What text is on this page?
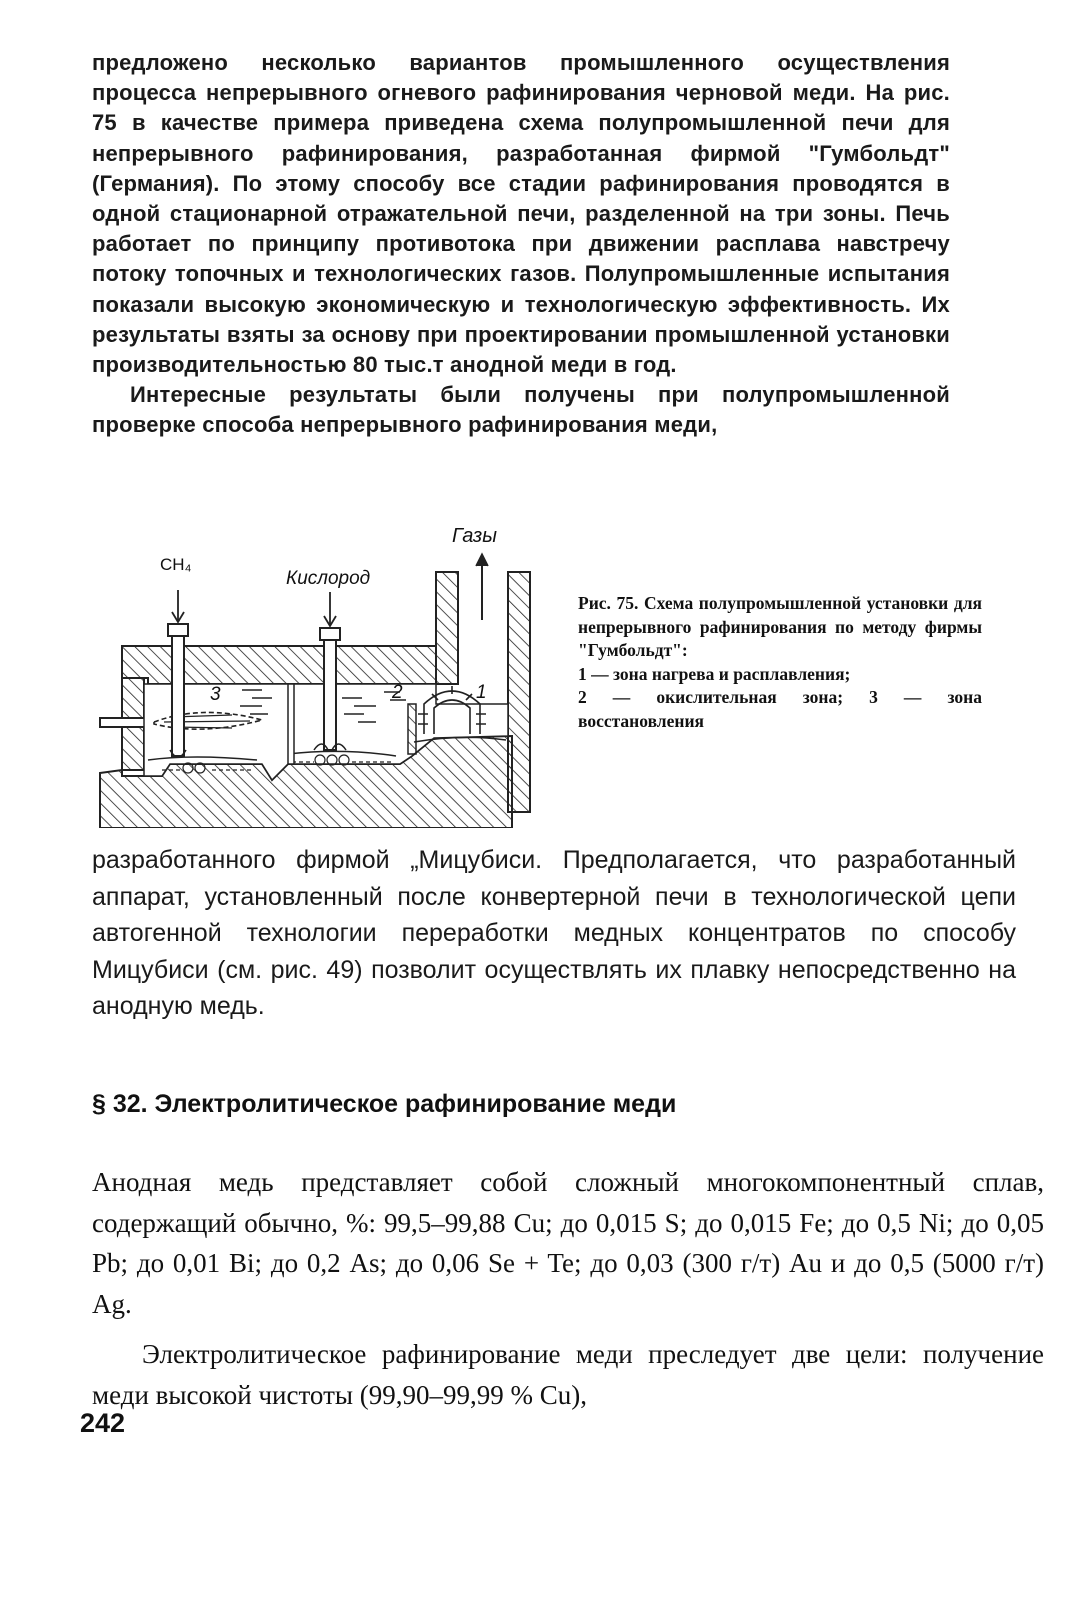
предложено несколько вариантов промышленного осуществления процесса непрерывного огневого рафинирования черновой меди. На рис. 75 в качестве примера приведена схема полупромышленной печи для непрерывного рафинирования, разработанная фирмой "Гумбольдт" (Германия). По этому способу все стадии рафинирования проводятся в одной стационарной отражательной печи, разделенной на три зоны. Печь работает по принципу противотока при движении расплава навстречу потоку топочных и технологических газов. Полупромышленные испытания показали высокую экономическую и технологическую эффективность. Их результаты взяты за основу при проектировании промышленной установки производительностью 80 тыс.т анодной меди в год.

Интересные результаты были получены при полупромышленной проверке способа непрерывного рафинирования меди,

Газы
CH₄
Кислород
3	2	1
Рис. 75. Схема полупромышленной установки для непрерывного рафинирования по методу фирмы "Гумбольдт":
1 — зона нагрева и расплавления;
2 — окислительная зона; 3 — зона восстановления

разработанного фирмой „Мицубиси. Предполагается, что разработанный аппарат, установленный после конвертерной печи в технологической цепи автогенной технологии переработки медных концентратов по способу Мицубиси (см. рис. 49) позволит осуществлять их плавку непосредственно на анодную медь.

§ 32. Электролитическое рафинирование меди

Анодная медь представляет собой сложный многокомпонентный сплав, содержащий обычно, %: 99,5–99,88 Cu; до 0,015 S; до 0,015 Fe; до 0,5 Ni; до 0,05 Pb; до 0,01 Bi; до 0,2 As; до 0,06 Se + Te; до 0,03 (300 г/т) Au и до 0,5 (5000 г/т) Ag.

Электролитическое рафинирование меди преследует две цели: получение меди высокой чистоты (99,90–99,99 % Cu),

242
